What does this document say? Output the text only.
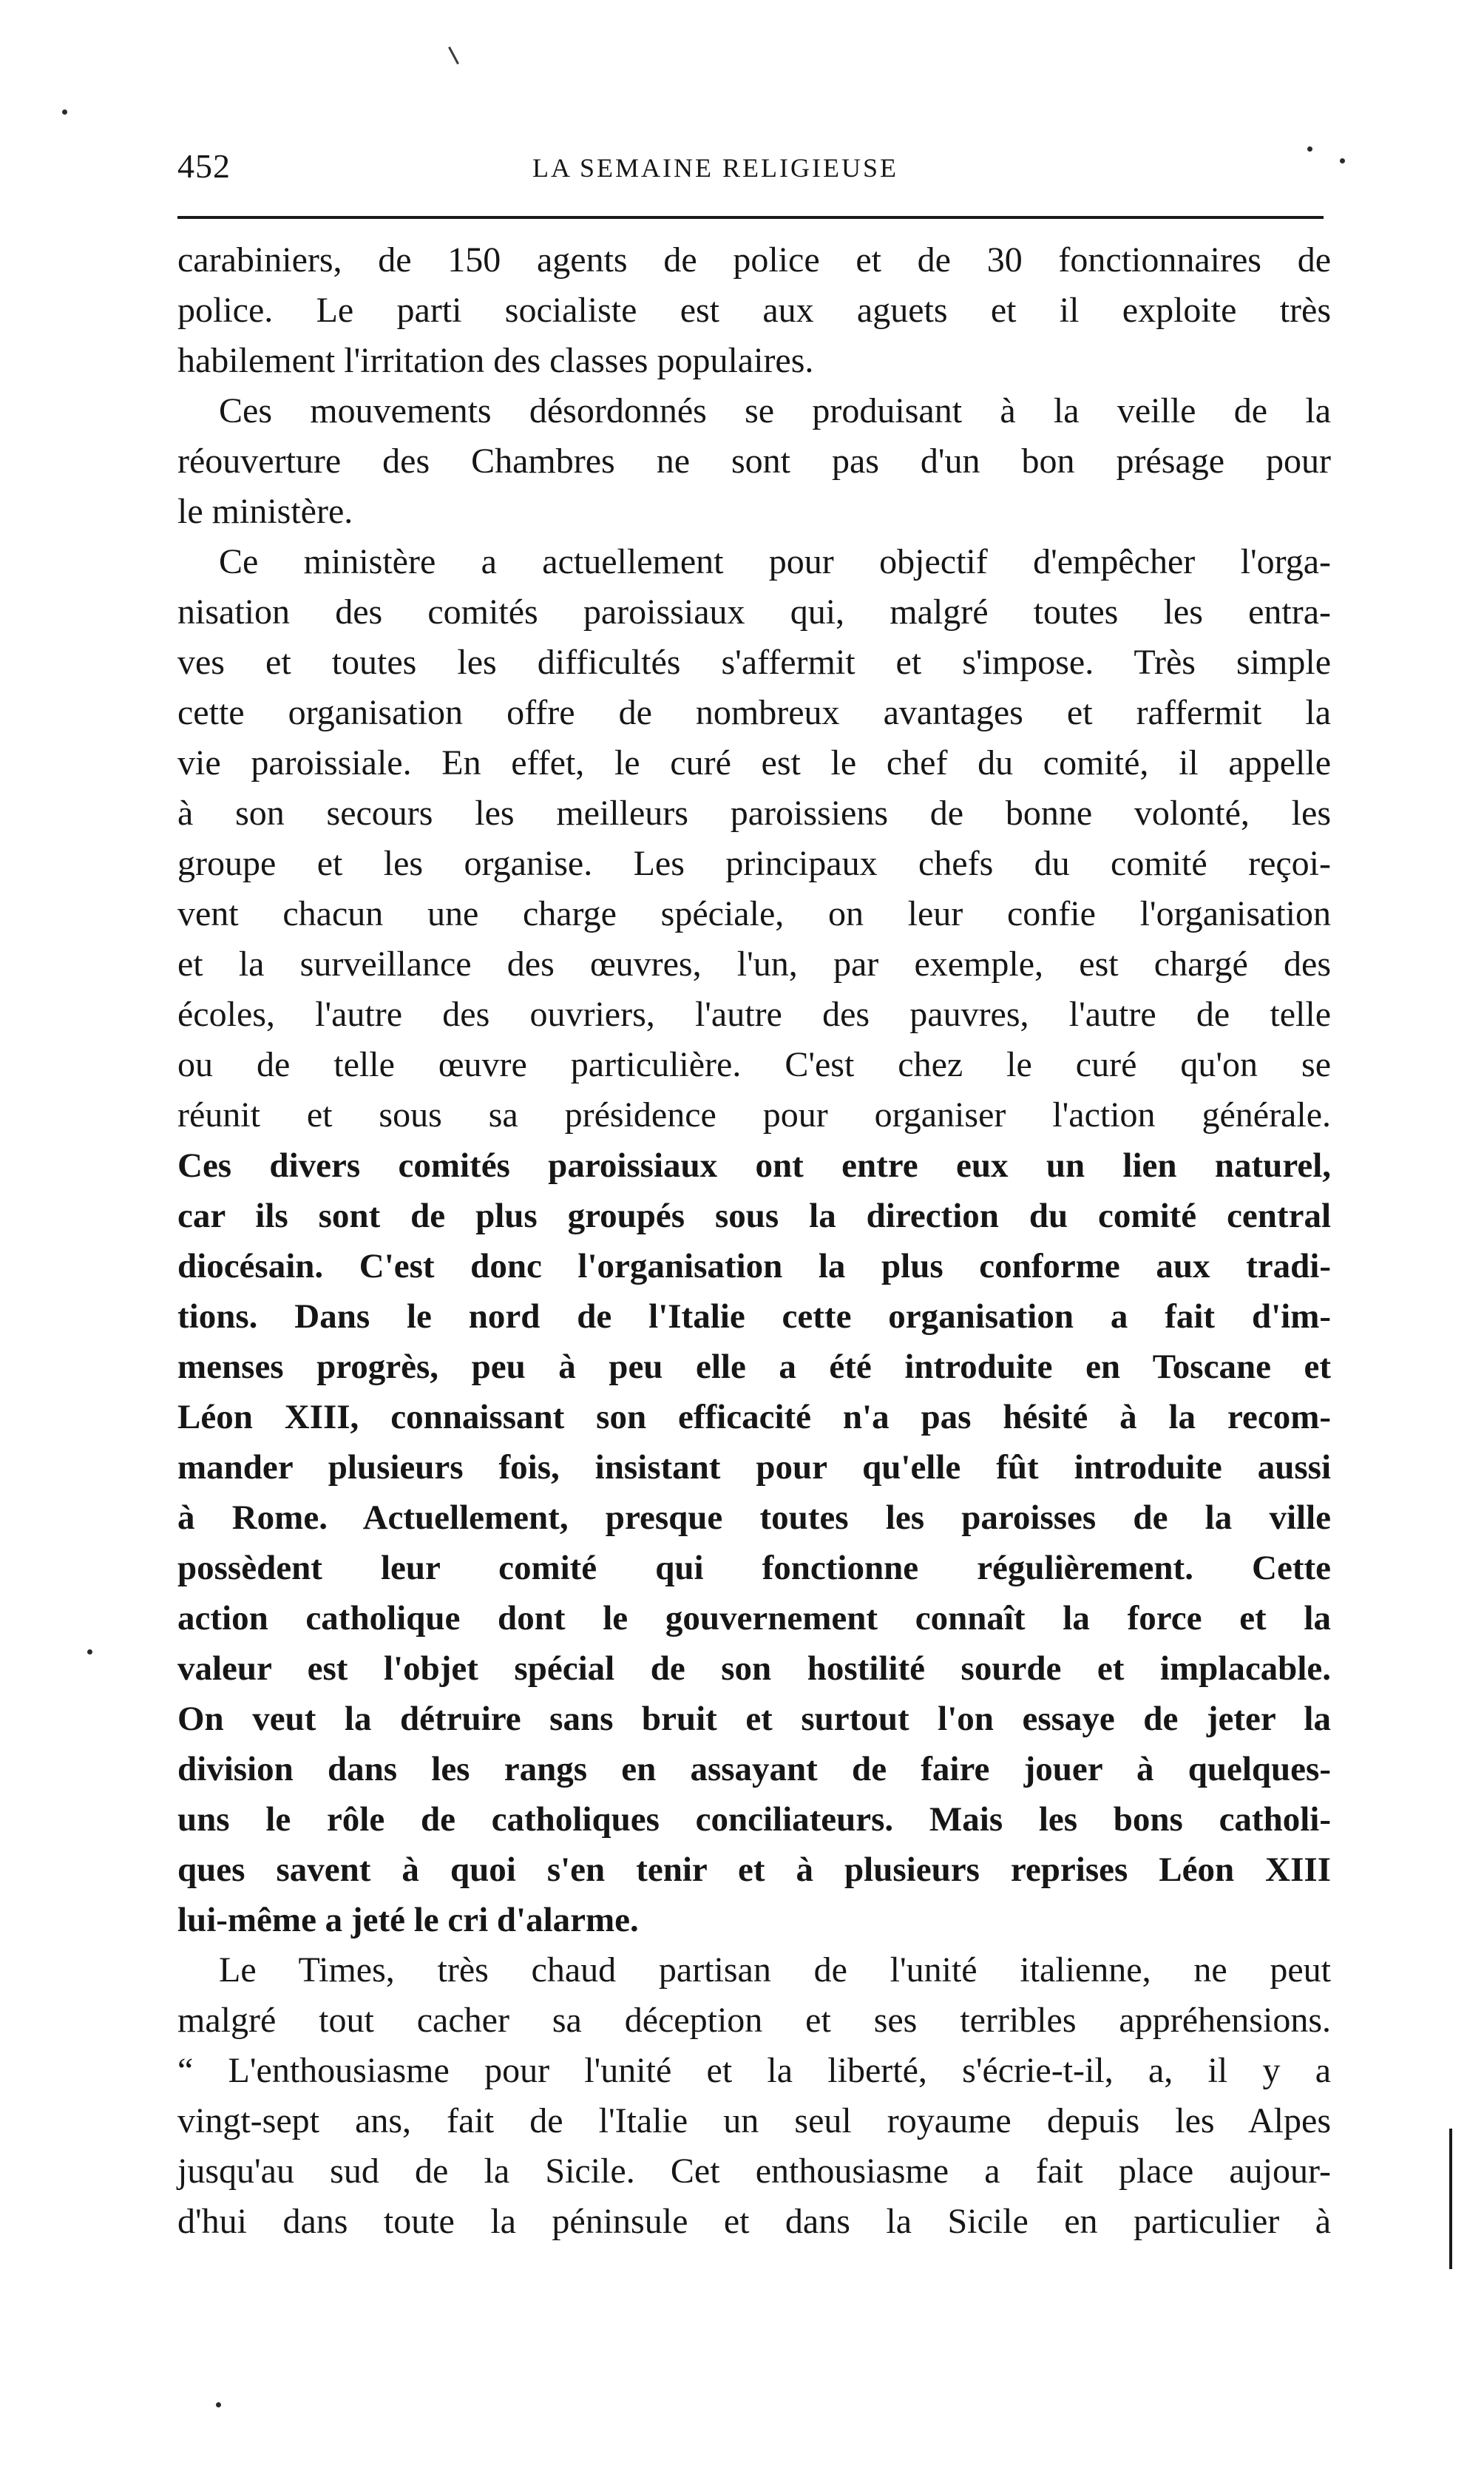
452	LA SEMAINE RELIGIEUSE
carabiniers, de 150 agents de police et de 30 fonctionnaires de
police. Le parti socialiste est aux aguets et il exploite très
habilement l'irritation des classes populaires.
Ces mouvements désordonnés se produisant à la veille de la
réouverture des Chambres ne sont pas d'un bon présage pour
le ministère.
Ce ministère a actuellement pour objectif d'empêcher l'orga-
nisation des comités paroissiaux qui, malgré toutes les entra-
ves et toutes les difficultés s'affermit et s'impose. Très simple
cette organisation offre de nombreux avantages et raffermit la
vie paroissiale. En effet, le curé est le chef du comité, il appelle
à son secours les meilleurs paroissiens de bonne volonté, les
groupe et les organise. Les principaux chefs du comité reçoi-
vent chacun une charge spéciale, on leur confie l'organisation
et la surveillance des œuvres, l'un, par exemple, est chargé des
écoles, l'autre des ouvriers, l'autre des pauvres, l'autre de telle
ou de telle œuvre particulière. C'est chez le curé qu'on se
réunit et sous sa présidence pour organiser l'action générale.
Ces divers comités paroissiaux ont entre eux un lien naturel,
car ils sont de plus groupés sous la direction du comité central
diocésain. C'est donc l'organisation la plus conforme aux tradi-
tions. Dans le nord de l'Italie cette organisation a fait d'im-
menses progrès, peu à peu elle a été introduite en Toscane et
Léon XIII, connaissant son efficacité n'a pas hésité à la recom-
mander plusieurs fois, insistant pour qu'elle fût introduite aussi
à Rome. Actuellement, presque toutes les paroisses de la ville
possèdent leur comité qui fonctionne régulièrement. Cette
action catholique dont le gouvernement connaît la force et la
valeur est l'objet spécial de son hostilité sourde et implacable.
On veut la détruire sans bruit et surtout l'on essaye de jeter la
division dans les rangs en assayant de faire jouer à quelques-
uns le rôle de catholiques conciliateurs. Mais les bons catholi-
ques savent à quoi s'en tenir et à plusieurs reprises Léon XIII
lui-même a jeté le cri d'alarme.
Le Times, très chaud partisan de l'unité italienne, ne peut
malgré tout cacher sa déception et ses terribles appréhensions.
“ L'enthousiasme pour l'unité et la liberté, s'écrie-t-il, a, il y a
vingt-sept ans, fait de l'Italie un seul royaume depuis les Alpes
jusqu'au sud de la Sicile. Cet enthousiasme a fait place aujour-
d'hui dans toute la péninsule et dans la Sicile en particulier à
